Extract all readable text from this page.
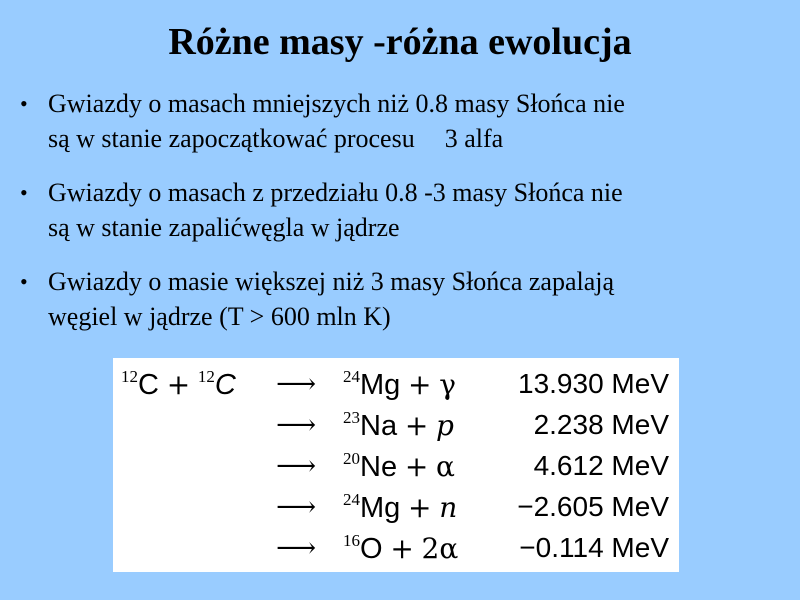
Różne masy -różna ewolucja
• Gwiazdy o masach mniejszych niż 0.8 masy Słońca nie
są w stanie zapoczątkować procesu 3 alfa
• Gwiazdy o masach z przedziału 0.8 -3 masy Słońca nie
są w stanie zapalićwęgla w jądrze
• Gwiazdy o masie większej niż 3 masy Słońca zapalają
węgiel w jądrze (T > 600 mln K)
$^{12}$C + $^{12}$C ⟶ $^{24}$Mg + γ 13.930 MeV
⟶ $^{23}$Na + p	2.238 MeV
⟶ $^{20}$Ne + α	4.612 MeV
⟶ $^{24}$Mg + n −2.605 MeV
⟶ $^{16}$O + 2α −0.114 MeV
